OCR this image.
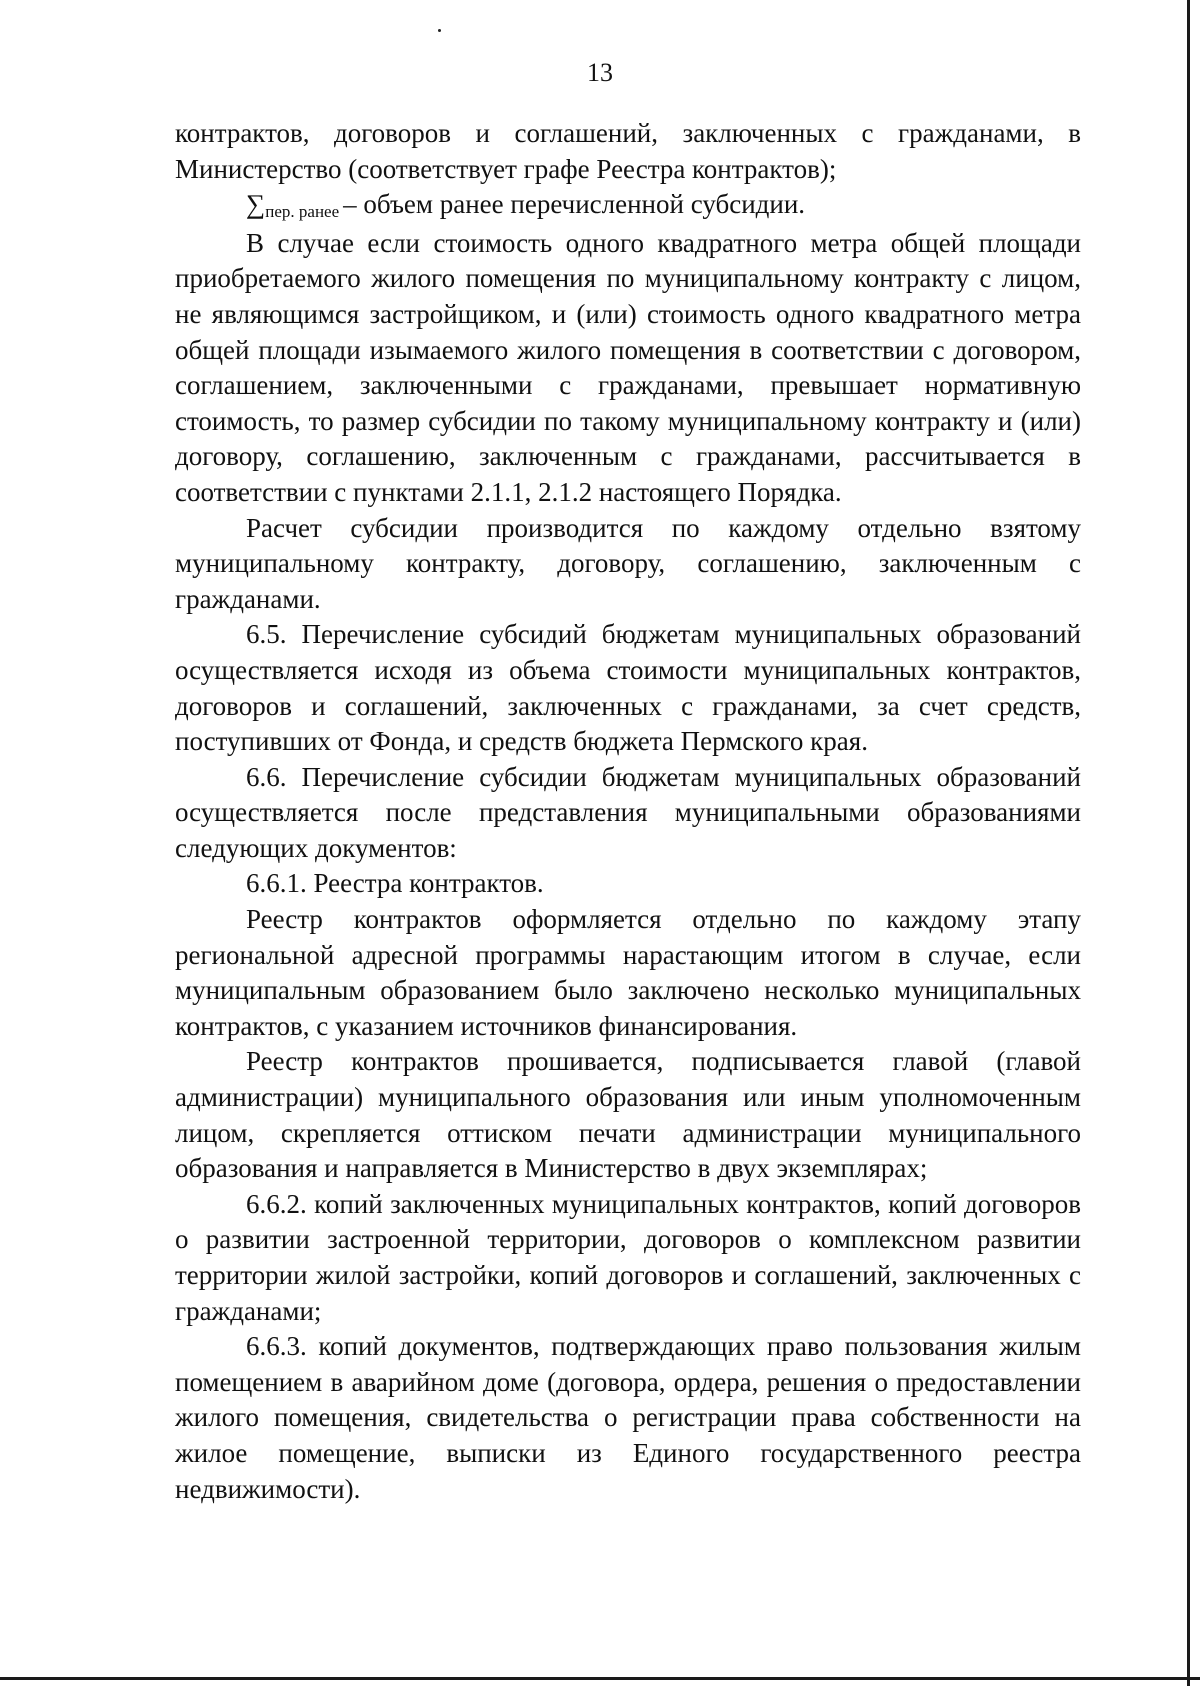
13

контрактов, договоров и соглашений, заключенных с гражданами, в Министерство (соответствует графе Реестра контрактов);

∑пер. ранее – объем ранее перечисленной субсидии.

В случае если стоимость одного квадратного метра общей площади приобретаемого жилого помещения по муниципальному контракту с лицом, не являющимся застройщиком, и (или) стоимость одного квадратного метра общей площади изымаемого жилого помещения в соответствии с договором, соглашением, заключенными с гражданами, превышает нормативную стоимость, то размер субсидии по такому муниципальному контракту и (или) договору, соглашению, заключенным с гражданами, рассчитывается в соответствии с пунктами 2.1.1, 2.1.2 настоящего Порядка.

Расчет субсидии производится по каждому отдельно взятому муниципальному контракту, договору, соглашению, заключенным с гражданами.

6.5. Перечисление субсидий бюджетам муниципальных образований осуществляется исходя из объема стоимости муниципальных контрактов, договоров и соглашений, заключенных с гражданами, за счет средств, поступивших от Фонда, и средств бюджета Пермского края.

6.6. Перечисление субсидии бюджетам муниципальных образований осуществляется после представления муниципальными образованиями следующих документов:

6.6.1. Реестра контрактов.

Реестр контрактов оформляется отдельно по каждому этапу региональной адресной программы нарастающим итогом в случае, если муниципальным образованием было заключено несколько муниципальных контрактов, с указанием источников финансирования.

Реестр контрактов прошивается, подписывается главой (главой администрации) муниципального образования или иным уполномоченным лицом, скрепляется оттиском печати администрации муниципального образования и направляется в Министерство в двух экземплярах;

6.6.2. копий заключенных муниципальных контрактов, копий договоров о развитии застроенной территории, договоров о комплексном развитии территории жилой застройки, копий договоров и соглашений, заключенных с гражданами;

6.6.3. копий документов, подтверждающих право пользования жилым помещением в аварийном доме (договора, ордера, решения о предоставлении жилого помещения, свидетельства о регистрации права собственности на жилое помещение, выписки из Единого государственного реестра недвижимости).
